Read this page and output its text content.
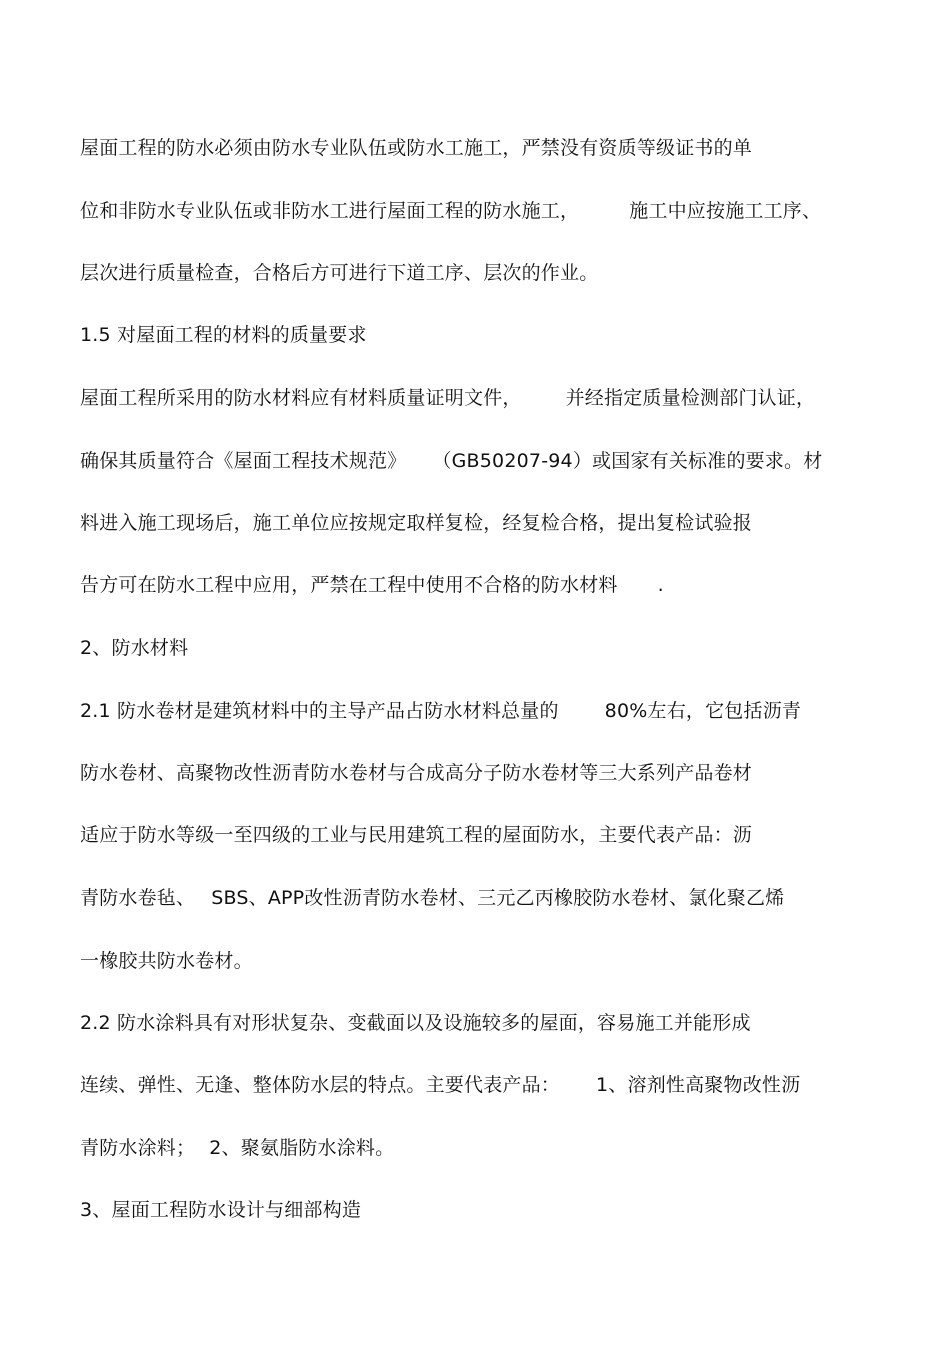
屋面工程的防水必须由防水专业队伍或防水工施工，严禁没有资质等级证书的单
位和非防水专业队伍或非防水工进行屋面工程的防水施工，	施工中应按施工工序、
层次进行质量检查，合格后方可进行下道工序、层次的作业。
1.5 对屋面工程的材料的质量要求
屋面工程所采用的防水材料应有材料质量证明文件， 并经指定质量检测部门认证，
确保其质量符合《屋面工程技术规范》 （GB50207-94）或国家有关标准的要求。材
料进入施工现场后，施工单位应按规定取样复检，经复检合格，提出复检试验报
告方可在防水工程中应用，严禁在工程中使用不合格的防水材料 .
2、防水材料
2.1 防水卷材是建筑材料中的主导产品占防水材料总量的 80%左右，它包括沥青
防水卷材、高聚物改性沥青防水卷材与合成高分子防水卷材等三大系列产品卷材
适应于防水等级一至四级的工业与民用建筑工程的屋面防水，主要代表产品：沥
青防水卷毡、 SBS、APP改性沥青防水卷材、三元乙丙橡胶防水卷材、氯化聚乙烯
一橡胶共防水卷材。
2.2 防水涂料具有对形状复杂、变截面以及设施较多的屋面，容易施工并能形成
连续、弹性、无逢、整体防水层的特点。主要代表产品： 1、溶剂性高聚物改性沥
青防水涂料； 2、聚氨脂防水涂料。
3、屋面工程防水设计与细部构造
